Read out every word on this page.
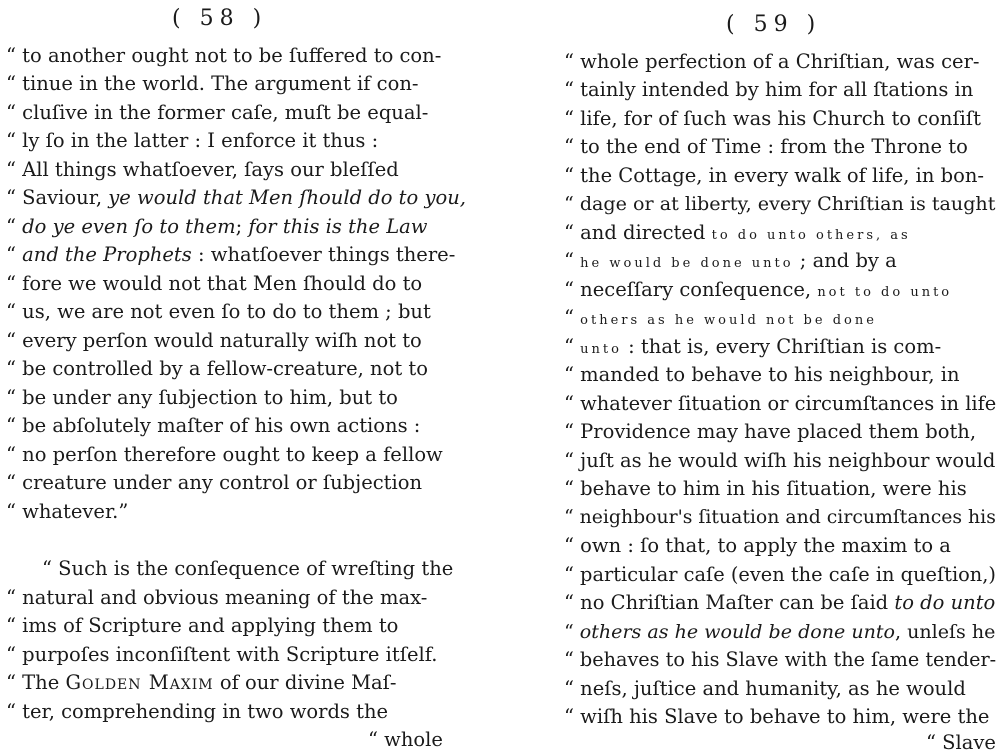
( 58 )
“ to another ought not to be ſuffered to con-
“ tinue in the world. The argument if con-
“ cluſive in the former caſe, muſt be equal-
“ ly ſo in the latter : I enforce it thus :
“ All things whatſoever, ſays our bleſſed
“ Saviour, ye would that Men ſhould do to you,
“ do ye even ſo to them; for this is the Law
“ and the Prophets : whatſoever things there-
“ fore we would not that Men ſhould do to
“ us, we are not even ſo to do to them ; but
“ every perſon would naturally wiſh not to
“ be controlled by a fellow-creature, not to
“ be under any ſubjection to him, but to
“ be abſolutely maſter of his own actions :
“ no perſon therefore ought to keep a fellow
“ creature under any control or ſubjection
“ whatever.”
“ Such is the conſequence of wreſting the
“ natural and obvious meaning of the max-
“ ims of Scripture and applying them to
“ purpoſes inconſiſtent with Scripture itſelf.
“ The Golden Maxim of our divine Maſ-
“ ter, comprehending in two words the
“ whole
( 59 )
“ whole perfection of a Chriſtian, was cer-
“ tainly intended by him for all ſtations in
“ life, for of ſuch was his Church to conſiſt
“ to the end of Time : from the Throne to
“ the Cottage, in every walk of life, in bon-
“ dage or at liberty, every Chriſtian is taught
“ and directed to do unto others, as
“ he would be done unto ; and by a
“ neceſſary conſequence, not to do unto
“ others as he would not be done
“ unto : that is, every Chriſtian is com-
“ manded to behave to his neighbour, in
“ whatever ſituation or circumſtances in life
“ Providence may have placed them both,
“ juſt as he would wiſh his neighbour would
“ behave to him in his ſituation, were his
“ neighbour's ſituation and circumſtances his
“ own : ſo that, to apply the maxim to a
“ particular caſe (even the caſe in queſtion,)
“ no Chriſtian Maſter can be ſaid to do unto
“ others as he would be done unto, unleſs he
“ behaves to his Slave with the ſame tender-
“ neſs, juſtice and humanity, as he would
“ wiſh his Slave to behave to him, were the
“ Slave
